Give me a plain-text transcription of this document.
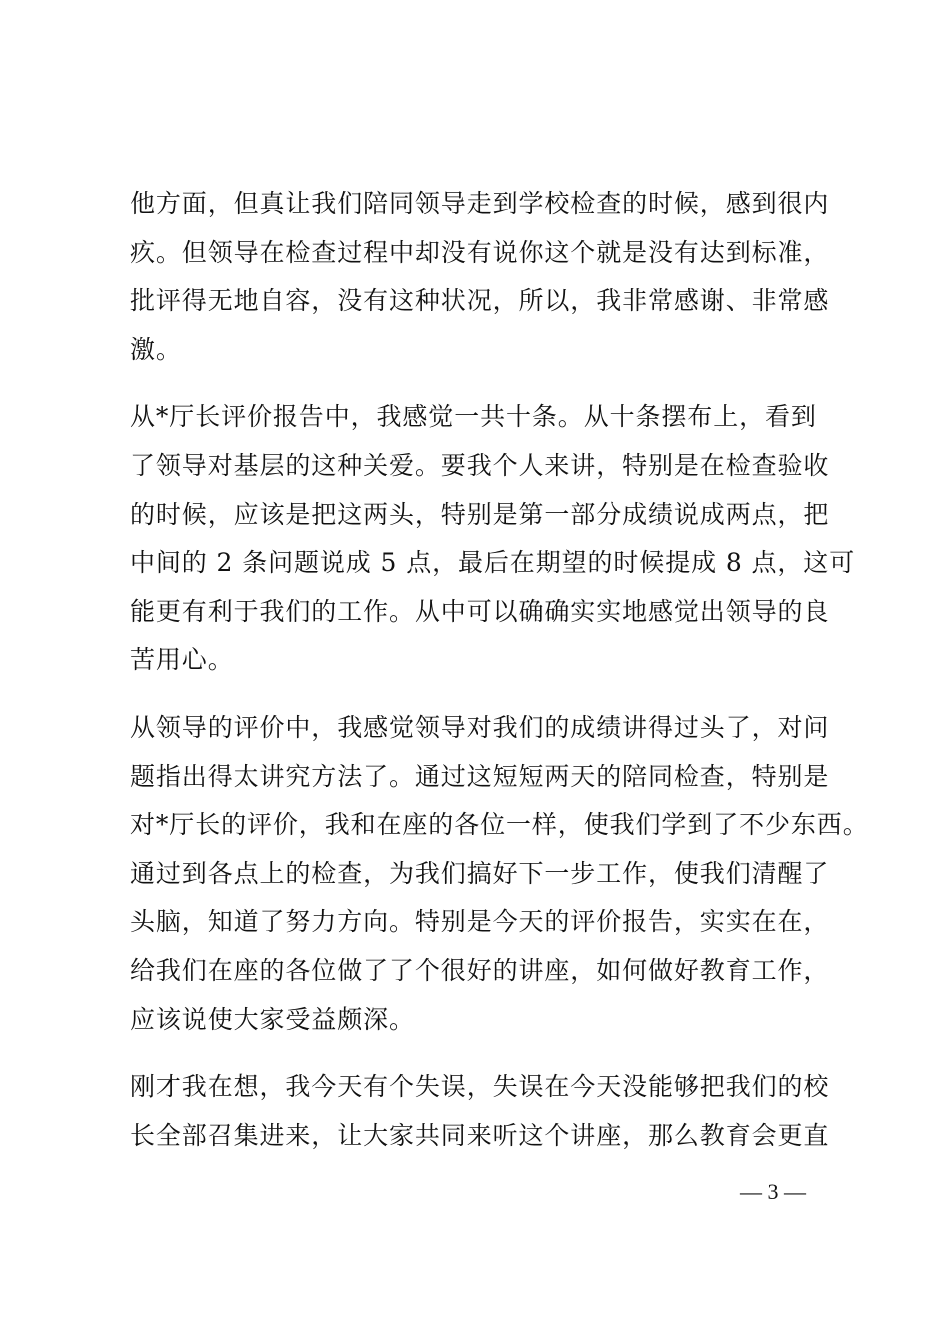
他方面，但真让我们陪同领导走到学校检查的时候，感到很内
疚。但领导在检查过程中却没有说你这个就是没有达到标准，
批评得无地自容，没有这种状况，所以，我非常感谢、非常感
激。
从*厅长评价报告中，我感觉一共十条。从十条摆布上，看到
了领导对基层的这种关爱。要我个人来讲，特别是在检查验收
的时候，应该是把这两头，特别是第一部分成绩说成两点，把
中间的 2 条问题说成 5 点，最后在期望的时候提成 8 点，这可
能更有利于我们的工作。从中可以确确实实地感觉出领导的良
苦用心。
从领导的评价中，我感觉领导对我们的成绩讲得过头了，对问
题指出得太讲究方法了。通过这短短两天的陪同检查，特别是
对*厅长的评价，我和在座的各位一样，使我们学到了不少东西。
通过到各点上的检查，为我们搞好下一步工作，使我们清醒了
头脑，知道了努力方向。特别是今天的评价报告，实实在在，
给我们在座的各位做了了个很好的讲座，如何做好教育工作，
应该说使大家受益颇深。
刚才我在想，我今天有个失误，失误在今天没能够把我们的校
长全部召集进来，让大家共同来听这个讲座，那么教育会更直
— 3 —
